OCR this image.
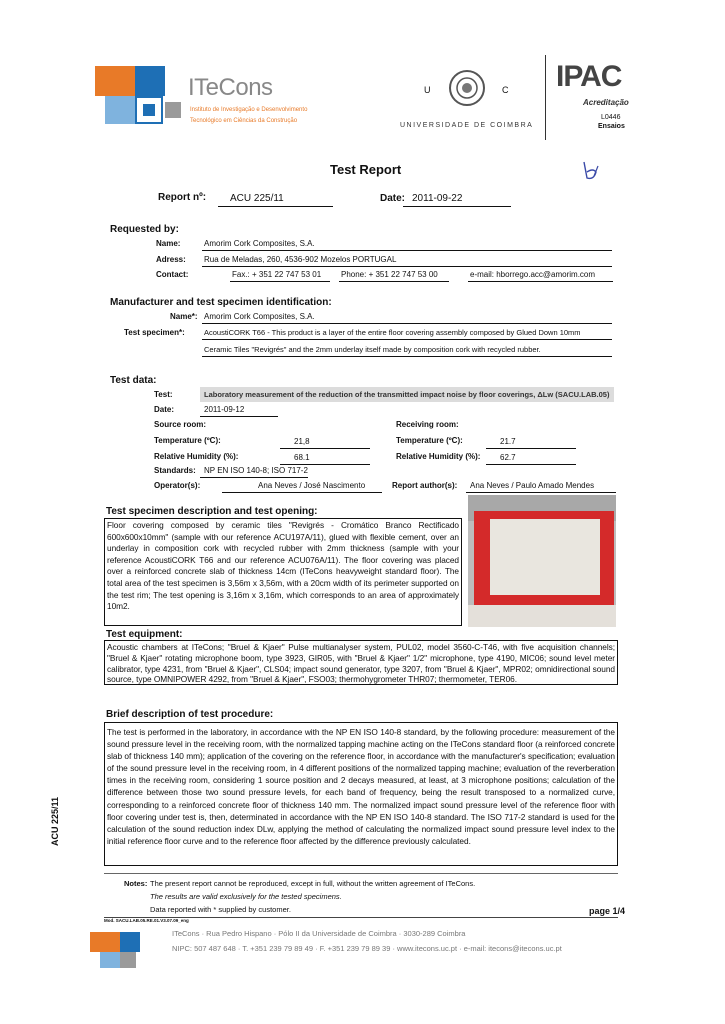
ITeCons
Instituto de Investigação e Desenvolvimento
Tecnológico em Ciências da Construção
U	C
UNIVERSIDADE DE COIMBRA
IPAC
Acreditação
L0446
Ensaios
Test Report
Report nº: ACU 225/11	Date: 2011-09-22
Requested by:
Name:	Amorim Cork Composites, S.A.
Adress: Rua de Meladas, 260, 4536-902 Mozelos PORTUGAL
Contact:	Fax.: + 351 22 747 53 01 Phone: + 351 22 747 53 00	e-mail: hborrego.acc@amorim.com
Manufacturer and test specimen identification:
Name*: Amorim Cork Composites, S.A.
Test specimen*:	AcoustiCORK T66 - This product is a layer of the entire floor covering assembly composed by Glued Down 10mm
Ceramic Tiles "Revigrés" and the 2mm underlay itself made by composition cork with recycled rubber.
Test data:
Test:	Laboratory measurement of the reduction of the transmitted impact noise by floor coverings, ΔLw (SACU.LAB.05)
Date:	2011-09-12
Source room:	Receiving room:
Temperature (ºC):	21,8	Temperature (ºC):	21.7
Relative Humidity (%):	68.1	Relative Humidity (%): 62.7
Standards: NP EN ISO 140-8; ISO 717-2
Operator(s):	Ana Neves / José Nascimento	Report author(s): Ana Neves / Paulo Amado Mendes
Test specimen description and test opening:
Floor covering composed by ceramic tiles "Revigrés - Cromático Branco Rectificado 600x600x10mm" (sample with our reference ACU197A/11), glued with flexible cement, over an underlay in composition cork with recycled rubber with 2mm thickness (sample with your reference AcoustiCORK T66 and our reference ACU076A/11). The floor covering was placed over a reinforced concrete slab of thickness 14cm (ITeCons heavyweight standard floor). The total area of the test specimen is 3,56m x 3,56m, with a 20cm width of its perimeter supported on the test rim; The test opening is 3,16m x 3,16m, which corresponds to an area of approximately 10m2.
Test equipment:
Acoustic chambers at ITeCons; "Bruel & Kjaer" Pulse multianalyser system, PUL02, model 3560-C-T46, with five acquisition channels; "Bruel & Kjaer" rotating microphone boom, type 3923, GIR05, with "Bruel & Kjaer" 1/2'' microphone, type 4190, MIC06; sound level meter calibrator, type 4231, from "Bruel & Kjaer", CLS04; impact sound generator, type 3207, from "Bruel & Kjaer", MPR02; omnidirectional sound source, type OMNIPOWER 4292, from "Bruel & Kjaer", FSO03; thermohygrometer THR07; thermometer, TER06.
Brief description of test procedure:
The test is performed in the laboratory, in accordance with the NP EN ISO 140-8 standard, by the following procedure: measurement of the sound pressure level in the receiving room, with the normalized tapping machine acting on the ITeCons standard floor (a reinforced concrete slab of thickness 140 mm); application of the covering on the reference floor, in accordance with the manufacturer's specification; evaluation of the sound pressure level in the receiving room, in 4 different positions of the normalized tapping machine; evaluation of the reverberation times in the receiving room, considering 1 source position and 2 decays measured, at least, at 3 microphone positions; calculation of the difference between those two sound pressure levels, for each band of frequency, being the result transposed to a normalized curve, corresponding to a reinforced concrete floor of thickness 140 mm. The normalized impact sound pressure level of the reference floor with floor covering under test is, then, determinated in accordance with the NP EN ISO 140-8 standard. The ISO 717-2 standard is used for the calculation of the sound reduction index DLw, applying the method of calculating the normalized impact sound pressure level index to the initial reference floor curve and to the reference floor affected by the difference previously calculated.
ACU 225/11
Notes: The present report cannot be reproduced, except in full, without the written agreement of ITeCons.
The results are valid exclusively for the tested specimens.
Data reported with * supplied by customer.	page 1/4
Mod. SACU.LAB.05.RE.01.V3.07.09_eng
ITeCons · Rua Pedro Hispano · Pólo II da Universidade de Coimbra · 3030-289 Coimbra
NIPC: 507 487 648 · T. +351 239 79 89 49 · F. +351 239 79 89 39 · www.itecons.uc.pt · e-mail: itecons@itecons.uc.pt
